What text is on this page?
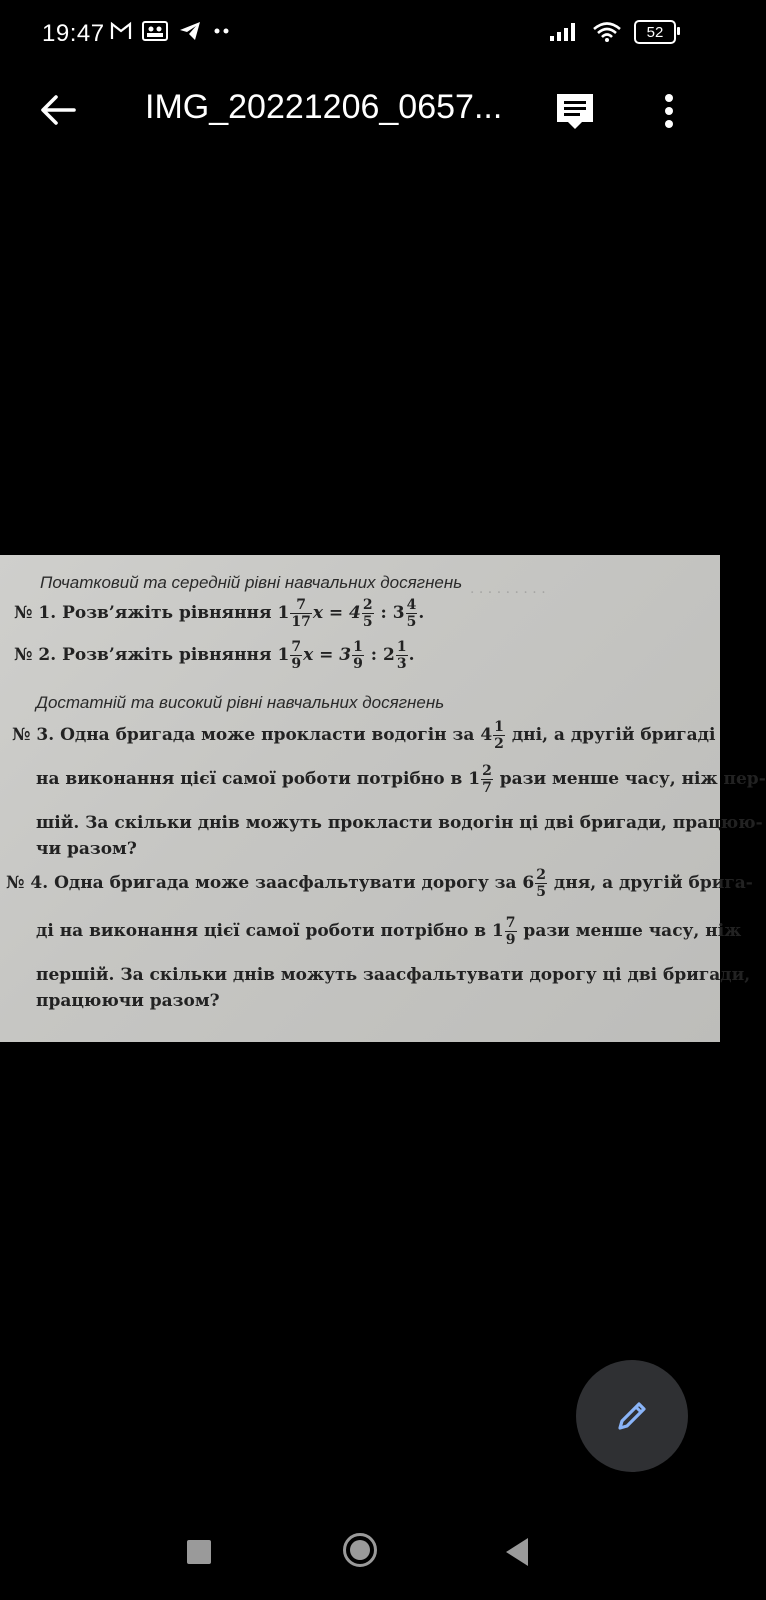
19:47	52
IMG_20221206_0657...
· · · · · · · · ·
Початковий та середній рівні навчальних досягнень
№ 1. Розв’яжіть рівняння $1 \frac{7}{17}$ $x = 4 \frac{2}{5}$ : $3 \frac{4}{5}$ .
№ 2. Розв’яжіть рівняння $1 \frac{7}{9}$ $x = 3 \frac{1}{9}$ : $2 \frac{1}{3}$ .
Достатній та високий рівні навчальних досягнень
№ 3. Одна бригада може прокласти водогін за $4 \frac{1}{2}$ дні, а другій бригаді
на виконання цієї самої роботи потрібно в $1 \frac{2}{7}$ рази менше часу, ніж пер-
шій. За скільки днів можуть прокласти водогін ці дві бригади, працюю-
чи разом?
№ 4. Одна бригада може заасфальтувати дорогу за $6 \frac{2}{5}$ дня, а другій брига-
ді на виконання цієї самої роботи потрібно в $1 \frac{7}{9}$ рази менше часу, ніж
першій. За скільки днів можуть заасфальтувати дорогу ці дві бригади,
працюючи разом?
